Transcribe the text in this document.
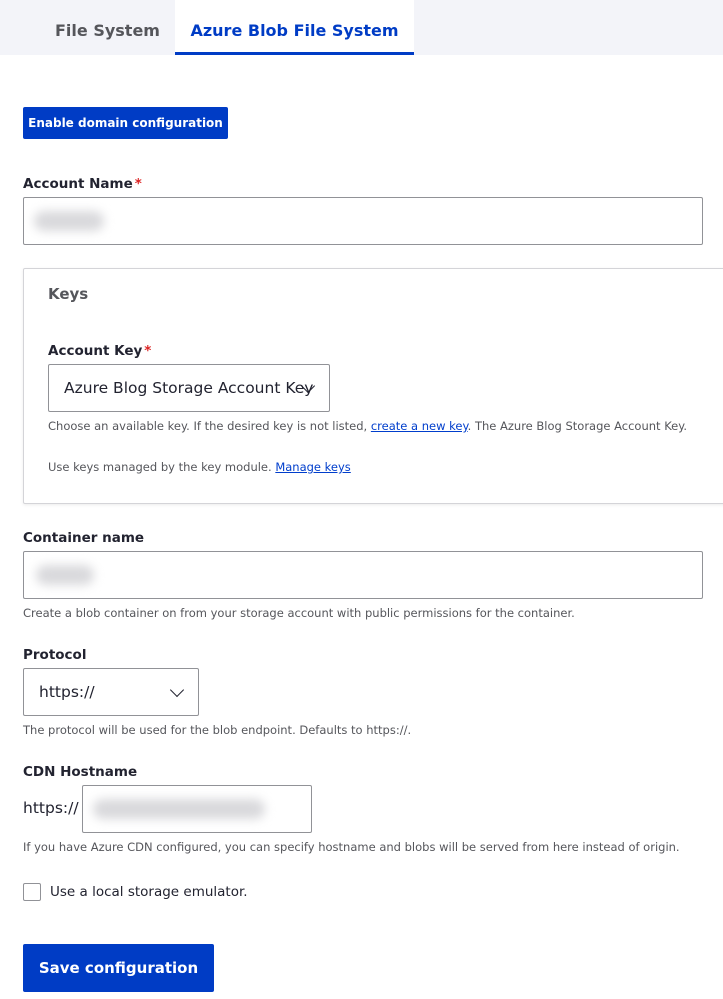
File System	Azure Blob File System
Enable domain configuration
Account Name *
Keys
Account Key *
Azure Blog Storage Account Key
Choose an available key. If the desired key is not listed, create a new key. The Azure Blog Storage Account Key.
Use keys managed by the key module. Manage keys
Container name
Create a blob container on from your storage account with public permissions for the container.
Protocol
https://
The protocol will be used for the blob endpoint. Defaults to https://.
CDN Hostname
https://
If you have Azure CDN configured, you can specify hostname and blobs will be served from here instead of origin.
Use a local storage emulator.
Save configuration
